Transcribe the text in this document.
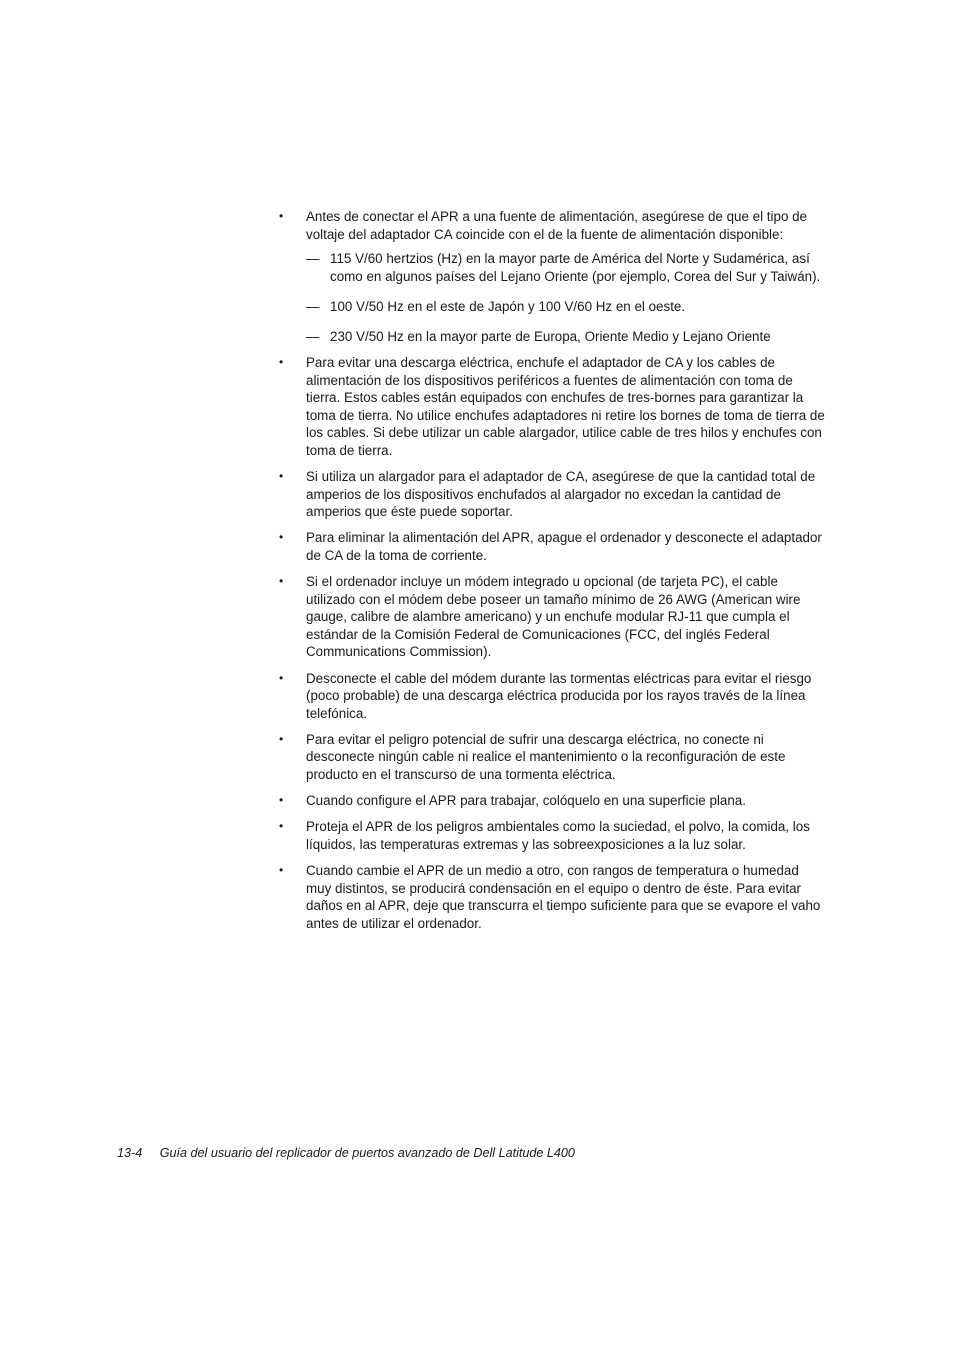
• Antes de conectar el APR a una fuente de alimentación, asegúrese de que el tipo de voltaje del adaptador CA coincide con el de la fuente de alimentación disponible:
— 115 V/60 hertzios (Hz) en la mayor parte de América del Norte y Sudamérica, así como en algunos países del Lejano Oriente (por ejemplo, Corea del Sur y Taiwán).
— 100 V/50 Hz en el este de Japón y 100 V/60 Hz en el oeste.
— 230 V/50 Hz en la mayor parte de Europa, Oriente Medio y Lejano Oriente
• Para evitar una descarga eléctrica, enchufe el adaptador de CA y los cables de alimentación de los dispositivos periféricos a fuentes de alimentación con toma de tierra. Estos cables están equipados con enchufes de tres-bornes para garantizar la toma de tierra. No utilice enchufes adaptadores ni retire los bornes de toma de tierra de los cables. Si debe utilizar un cable alargador, utilice cable de tres hilos y enchufes con toma de tierra.
• Si utiliza un alargador para el adaptador de CA, asegúrese de que la cantidad total de amperios de los dispositivos enchufados al alargador no excedan la cantidad de amperios que éste puede soportar.
• Para eliminar la alimentación del APR, apague el ordenador y desconecte el adaptador de CA de la toma de corriente.
• Si el ordenador incluye un módem integrado u opcional (de tarjeta PC), el cable utilizado con el módem debe poseer un tamaño mínimo de 26 AWG (American wire gauge, calibre de alambre americano) y un enchufe modular RJ-11 que cumpla el estándar de la Comisión Federal de Comunicaciones (FCC, del inglés Federal Communications Commission).
• Desconecte el cable del módem durante las tormentas eléctricas para evitar el riesgo (poco probable) de una descarga eléctrica producida por los rayos través de la línea telefónica.
• Para evitar el peligro potencial de sufrir una descarga eléctrica, no conecte ni desconecte ningún cable ni realice el mantenimiento o la reconfiguración de este producto en el transcurso de una tormenta eléctrica.
• Cuando configure el APR para trabajar, colóquelo en una superficie plana.
• Proteja el APR de los peligros ambientales como la suciedad, el polvo, la comida, los líquidos, las temperaturas extremas y las sobreexposiciones a la luz solar.
• Cuando cambie el APR de un medio a otro, con rangos de temperatura o humedad muy distintos, se producirá condensación en el equipo o dentro de éste. Para evitar daños en al APR, deje que transcurra el tiempo suficiente para que se evapore el vaho antes de utilizar el ordenador.
13-4 Guía del usuario del replicador de puertos avanzado de Dell Latitude L400
